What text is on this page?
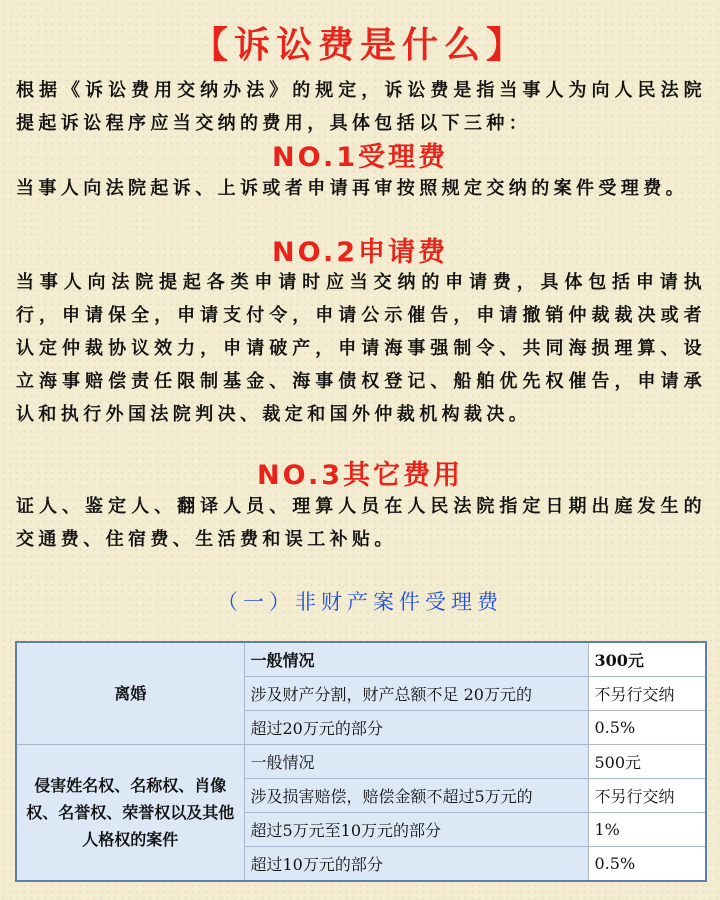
【诉讼费是什么】
根据《诉讼费用交纳办法》的规定，诉讼费是指当事人为向人民法院提起诉讼程序应当交纳的费用，具体包括以下三种：
NO.1受理费
当事人向法院起诉、上诉或者申请再审按照规定交纳的案件受理费。
NO.2申请费
当事人向法院提起各类申请时应当交纳的申请费，具体包括申请执行，申请保全，申请支付令，申请公示催告，申请撤销仲裁裁决或者认定仲裁协议效力，申请破产，申请海事强制令、共同海损理算、设立海事赔偿责任限制基金、海事债权登记、船舶优先权催告，申请承认和执行外国法院判决、裁定和国外仲裁机构裁决。
NO.3其它费用
证人、鉴定人、翻译人员、理算人员在人民法院指定日期出庭发生的交通费、住宿费、生活费和误工补贴。
（一）非财产案件受理费
离婚	一般情况	300元
	涉及财产分割，财产总额不足 20万元的	不另行交纳
	超过20万元的部分	0.5%
侵害姓名权、名称权、肖像权、名誉权、荣誉权以及其他人格权的案件	一般情况	500元
	涉及损害赔偿，赔偿金额不超过5万元的	不另行交纳
	超过5万元至10万元的部分	1%
	超过10万元的部分	0.5%
